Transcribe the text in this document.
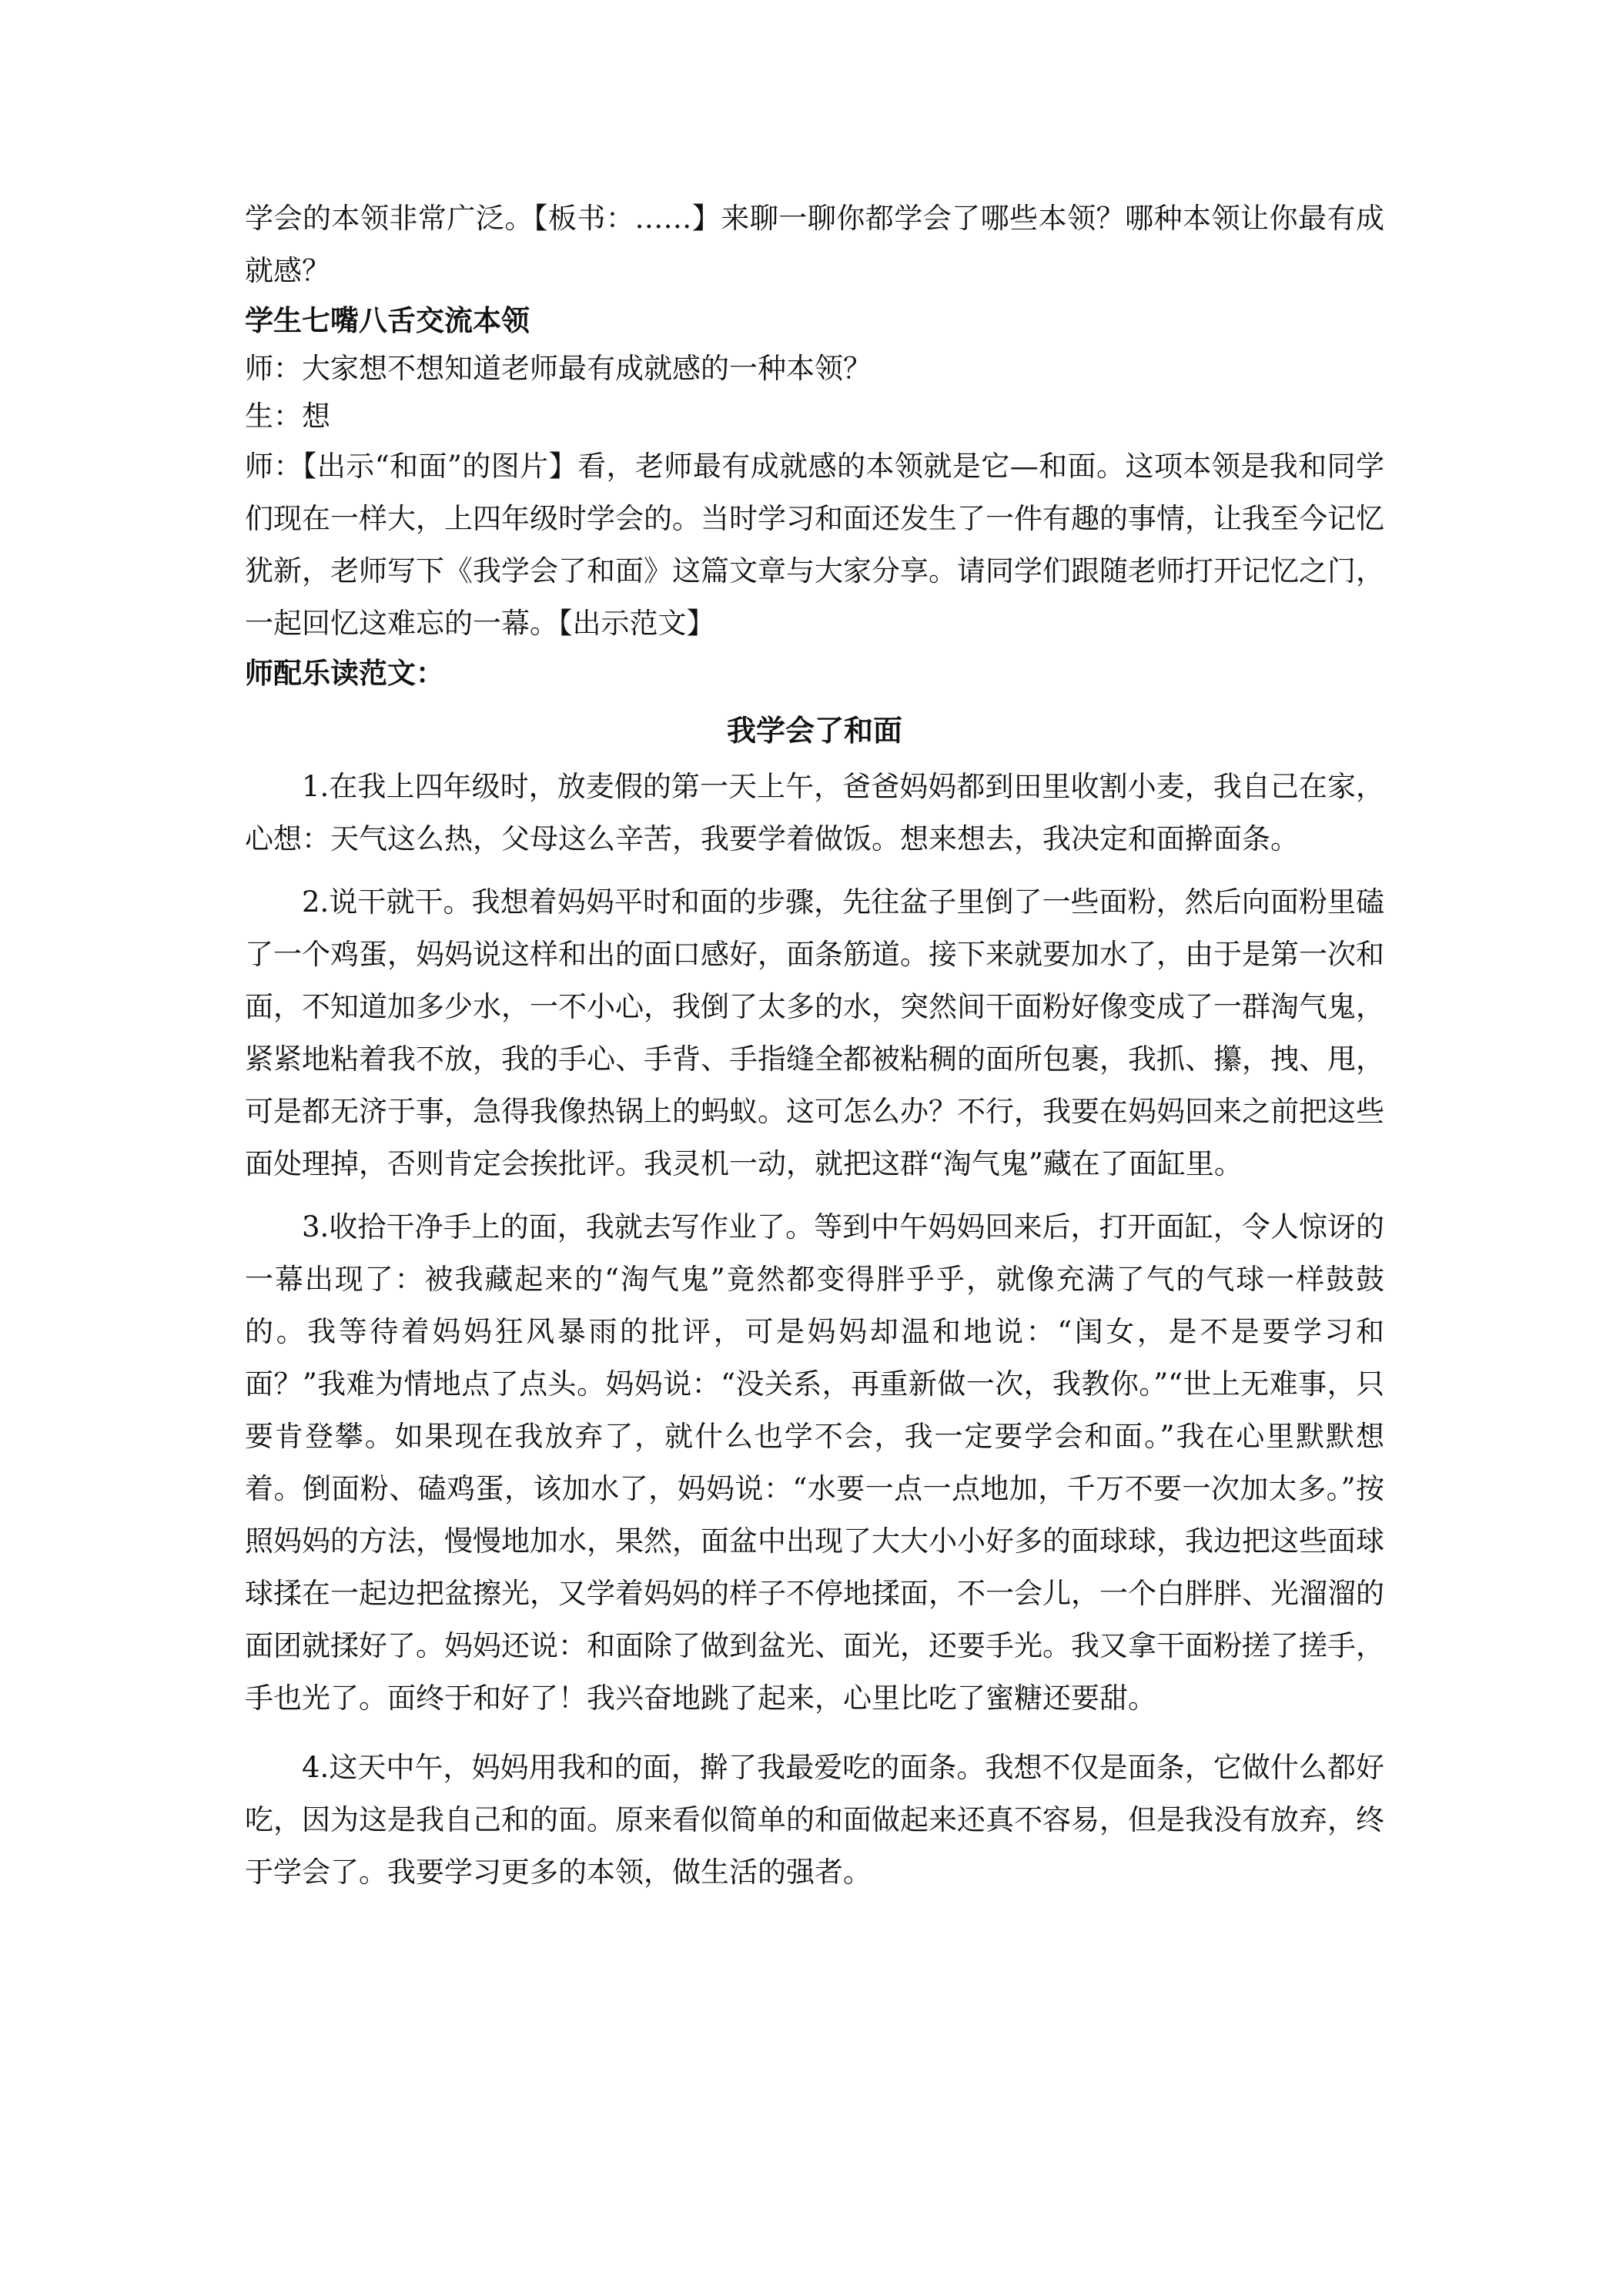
学会的本领非常广泛。【板书：……】来聊一聊你都学会了哪些本领？哪种本领让你最有成就感？

学生七嘴八舌交流本领
师：大家想不想知道老师最有成就感的一种本领？
生：想

师：【出示“和面”的图片】看，老师最有成就感的本领就是它—和面。这项本领是我和同学们现在一样大，上四年级时学会的。当时学习和面还发生了一件有趣的事情，让我至今记忆犹新，老师写下《我学会了和面》这篇文章与大家分享。请同学们跟随老师打开记忆之门，一起回忆这难忘的一幕。【出示范文】

师配乐读范文：
我学会了和面

1.在我上四年级时，放麦假的第一天上午，爸爸妈妈都到田里收割小麦，我自己在家，心想：天气这么热，父母这么辛苦，我要学着做饭。想来想去，我决定和面擀面条。

2.说干就干。我想着妈妈平时和面的步骤，先往盆子里倒了一些面粉，然后向面粉里磕了一个鸡蛋，妈妈说这样和出的面口感好，面条筋道。接下来就要加水了，由于是第一次和面，不知道加多少水，一不小心，我倒了太多的水，突然间干面粉好像变成了一群淘气鬼，紧紧地粘着我不放，我的手心、手背、手指缝全都被粘稠的面所包裹，我抓、攥，拽、甩，可是都无济于事，急得我像热锅上的蚂蚁。这可怎么办？不行，我要在妈妈回来之前把这些面处理掉，否则肯定会挨批评。我灵机一动，就把这群“淘气鬼”藏在了面缸里。

3.收拾干净手上的面，我就去写作业了。等到中午妈妈回来后，打开面缸，令人惊讶的一幕出现了：被我藏起来的“淘气鬼”竟然都变得胖乎乎，就像充满了气的气球一样鼓鼓的。我等待着妈妈狂风暴雨的批评，可是妈妈却温和地说：“闺女，是不是要学习和面？”我难为情地点了点头。妈妈说：“没关系，再重新做一次，我教你。”“世上无难事，只要肯登攀。如果现在我放弃了，就什么也学不会，我一定要学会和面。”我在心里默默想着。倒面粉、磕鸡蛋，该加水了，妈妈说：“水要一点一点地加，千万不要一次加太多。”按照妈妈的方法，慢慢地加水，果然，面盆中出现了大大小小好多的面球球，我边把这些面球球揉在一起边把盆擦光，又学着妈妈的样子不停地揉面，不一会儿，一个白胖胖、光溜溜的面团就揉好了。妈妈还说：和面除了做到盆光、面光，还要手光。我又拿干面粉搓了搓手，手也光了。面终于和好了！我兴奋地跳了起来，心里比吃了蜜糖还要甜。

4.这天中午，妈妈用我和的面，擀了我最爱吃的面条。我想不仅是面条，它做什么都好吃，因为这是我自己和的面。原来看似简单的和面做起来还真不容易，但是我没有放弃，终于学会了。我要学习更多的本领，做生活的强者。
